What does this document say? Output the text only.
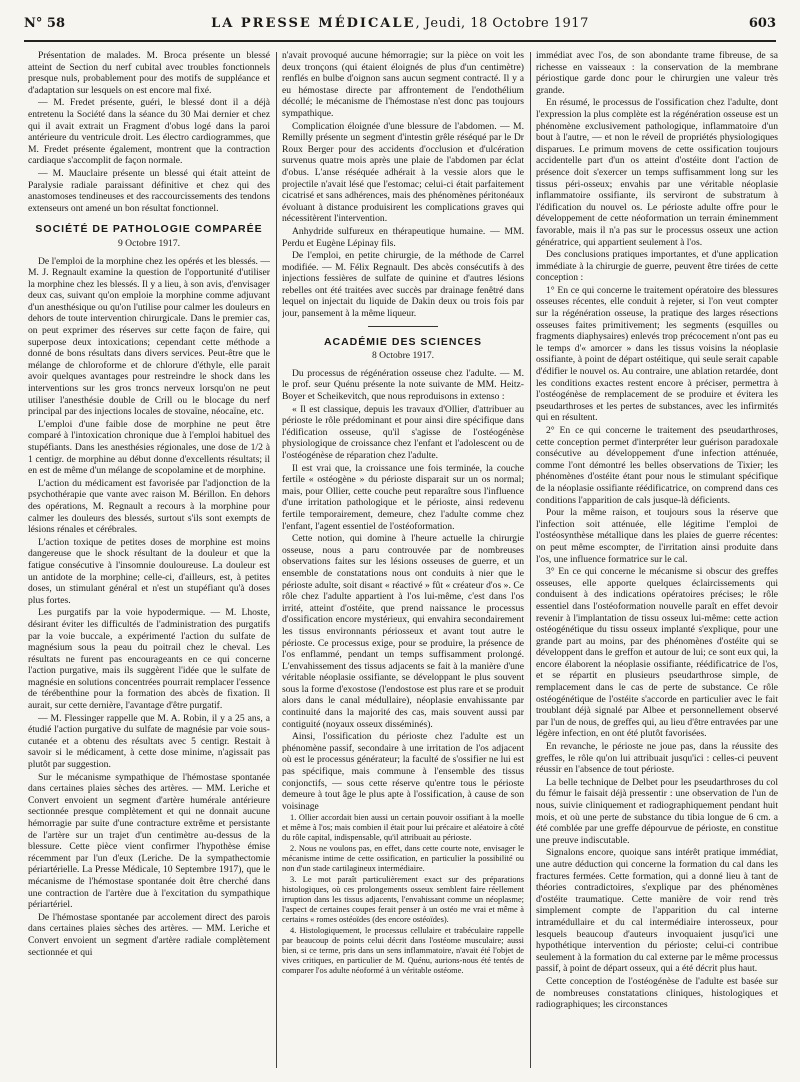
N° 58	LA PRESSE MÉDICALE, Jeudi, 18 Octobre 1917	603

Présentation de malades. M. Broca présente un blessé atteint de Section du nerf cubital avec troubles fonctionnels presque nuls, probablement pour des motifs de suppléance et d'adaptation sur lesquels on est encore mal fixé.

— M. Fredet présente, guéri, le blessé dont il a déjà entretenu la Société dans la séance du 30 Mai dernier et chez qui il avait extrait un Fragment d'obus logé dans la paroi antérieure du ventricule droit. Les électro cardiogrammes, que M. Fredet présente également, montrent que la contraction cardiaque s'accomplit de façon normale.

— M. Mauclaire présente un blessé qui était atteint de Paralysie radiale paraissant définitive et chez qui des anastomoses tendineuses et des raccourcissements des tendons extenseurs ont amené un bon résultat fonctionnel.

SOCIÉTÉ DE PATHOLOGIE COMPARÉE
9 Octobre 1917.

De l'emploi de la morphine chez les opérés et les blessés. — M. J. Regnault examine la question de l'opportunité d'utiliser la morphine chez les blessés. Il y a lieu, à son avis, d'envisager deux cas, suivant qu'on emploie la morphine comme adjuvant d'un anesthésique ou qu'on l'utilise pour calmer les douleurs en dehors de toute intervention chirurgicale. Dans le premier cas, on peut exprimer des réserves sur cette façon de faire, qui superpose deux intoxications; cependant cette méthode a donné de bons résultats dans divers services. Peut-être que le mélange de chloroforme et de chlorure d'éthyle, elle parait avoir quelques avantages pour restreindre le shock dans les interventions sur les gros troncs nerveux lorsqu'on ne peut utiliser l'anesthésie double de Crill ou le blocage du nerf principal par des injections locales de stovaïne, néocaïne, etc.

L'emploi d'une faible dose de morphine ne peut être comparé à l'intoxication chronique due à l'emploi habituel des stupéfiants. Dans les anesthésies régionales, une dose de 1/2 à 1 centigr. de morphine au début donne d'excellents résultats; il en est de même d'un mélange de scopolamine et de morphine.

L'action du médicament est favorisée par l'adjonction de la psychothérapie que vante avec raison M. Bérillon. En dehors des opérations, M. Regnault a recours à la morphine pour calmer les douleurs des blessés, surtout s'ils sont exempts de lésions rénales et cérébrales.

L'action toxique de petites doses de morphine est moins dangereuse que le shock résultant de la douleur et que la fatigue consécutive à l'insomnie douloureuse. La douleur est un antidote de la morphine; celle-ci, d'ailleurs, est, à petites doses, un stimulant général et n'est un stupéfiant qu'à doses plus fortes.

Les purgatifs par la voie hypodermique. — M. Lhoste, désirant éviter les difficultés de l'administration des purgatifs par la voie buccale, a expérimenté l'action du sulfate de magnésium sous la peau du poitrail chez le cheval. Les résultats ne furent pas encourageants en ce qui concerne l'action purgative, mais ils suggèrent l'idée que le sulfate de magnésie en solutions concentrées pourrait remplacer l'essence de térébenthine pour la formation des abcès de fixation. Il aurait, sur cette dernière, l'avantage d'être purgatif.

— M. Flessinger rappelle que M. A. Robin, il y a 25 ans, a étudié l'action purgative du sulfate de magnésie par voie sous-cutanée et a obtenu des résultats avec 5 centigr. Restait à savoir si le médicament, à cette dose minime, n'agissait pas plutôt par suggestion.

Sur le mécanisme sympathique de l'hémostase spontanée dans certaines plaies sèches des artères. — MM. Leriche et Convert envoient un segment d'artère humérale antérieure sectionnée presque complètement et qui ne donnait aucune hémorragie par suite d'une contracture extrême et persistante de l'artère sur un trajet d'un centimètre au-dessus de la blessure. Cette pièce vient confirmer l'hypothèse émise récemment par l'un d'eux (Leriche. De la sympathectomie périartérielle. La Presse Médicale, 10 Septembre 1917), que le mécanisme de l'hémostase spontanée doit être cherché dans une contraction de l'artère due à l'excitation du sympathique périartériel.

De l'hémostase spontanée par accolement direct des parois dans certaines plaies sèches des artères. — MM. Leriche et Convert envoient un segment d'artère radiale complètement sectionnée et qui

n'avait provoqué aucune hémorragie; sur la pièce on voit les deux tronçons (qui étaient éloignés de plus d'un centimètre) renflés en bulbe d'oignon sans aucun segment contracté. Il y a eu hémostase directe par affrontement de l'endothélium décollé; le mécanisme de l'hémostase n'est donc pas toujours sympathique.

Complication éloignée d'une blessure de l'abdomen. — M. Remilly présente un segment d'intestin grêle réséqué par le Dr Roux Berger pour des accidents d'occlusion et d'ulcération survenus quatre mois après une plaie de l'abdomen par éclat d'obus. L'anse réséquée adhérait à la vessie alors que le projectile n'avait lésé que l'estomac; celui-ci était parfaitement cicatrisé et sans adhérences, mais des phénomènes péritonéaux évoluant à distance produisirent les complications graves qui nécessitèrent l'intervention.

Anhydride sulfureux en thérapeutique humaine. — MM. Perdu et Eugène Lépinay fils.

De l'emploi, en petite chirurgie, de la méthode de Carrel modifiée. — M. Félix Regnault. Des abcès consécutifs à des injections fessières de sulfate de quinine et d'autres lésions rebelles ont été traitées avec succès par drainage fenêtré dans lequel on injectait du liquide de Dakin deux ou trois fois par jour, pansement à la même liqueur.

ACADÉMIE DES SCIENCES
8 Octobre 1917.

Du processus de régénération osseuse chez l'adulte. — M. le prof. seur Quénu présente la note suivante de MM. Heitz-Boyer et Scheikevitch, que nous reproduisons in extenso :

« Il est classique, depuis les travaux d'Ollier, d'attribuer au périoste le rôle prédominant et pour ainsi dire spécifique dans l'édification osseuse, qu'il s'agisse de l'ostéogénèse physiologique de croissance chez l'enfant et l'adolescent ou de l'ostéogénèse de réparation chez l'adulte.

Il est vrai que, la croissance une fois terminée, la couche fertile « ostéogène » du périoste disparait sur un os normal; mais, pour Ollier, cette couche peut reparaître sous l'influence d'une irritation pathologique et le périoste, ainsi redevenu fertile temporairement, demeure, chez l'adulte comme chez l'enfant, l'agent essentiel de l'ostéoformation.

Cette notion, qui domine à l'heure actuelle la chirurgie osseuse, nous a paru controuvée par de nombreuses observations faites sur les lésions osseuses de guerre, et un ensemble de constatations nous ont conduits à nier que le périoste adulte, soit disant « réactivé » fût « créateur d'os ». Ce rôle chez l'adulte appartient à l'os lui-même, c'est dans l'os irrité, atteint d'ostéite, que prend naissance le processus d'ossification encore mystérieux, qui envahira secondairement les tissus environnants périosseux et avant tout autre le périoste. Ce processus exige, pour se produire, la présence de l'os enflammé, pendant un temps suffisamment prolongé. L'envahissement des tissus adjacents se fait à la manière d'une véritable néoplasie ossifiante, se développant le plus souvent sous la forme d'exostose (l'endostose est plus rare et se produit alors dans le canal médullaire), néoplasie envahissante par continuité dans la majorité des cas, mais souvent aussi par contiguité (noyaux osseux disséminés).

Ainsi, l'ossification du périoste chez l'adulte est un phénomène passif, secondaire à une irritation de l'os adjacent où est le processus générateur; la faculté de s'ossifier ne lui est pas spécifique, mais commune à l'ensemble des tissus conjonctifs, — sous cette réserve qu'entre tous le périoste demeure à tout âge le plus apte à l'ossification, à cause de son voisinage

1. Ollier accordait bien aussi un certain pouvoir ossifiant à la moelle et même à l'os; mais combien il était pour lui précaire et aléatoire à côté du rôle capital, indispensable, qu'il attribuait au périoste.

2. Nous ne voulons pas, en effet, dans cette courte note, envisager le mécanisme intime de cette ossification, en particulier la possibilité ou non d'un stade cartilagineux intermédiaire.

3. Le mot paraît particulièrement exact sur des préparations histologiques, où ces prolongements osseux semblent faire réellement irruption dans les tissus adjacents, l'envahissant comme un néoplasme; l'aspect de certaines coupes ferait penser à un ostéo me vrai et même à certains « romes ostéoïdes (des encore ostéoïdes).

4. Histologiquement, le processus cellulaire et trabéculaire rappelle par beaucoup de points celui décrit dans l'ostéome musculaire; aussi bien, si ce terme, pris dans un sens inflammatoire, n'avait été l'objet de vives critiques, en particulier de M. Quénu, aurions-nous été tentés de comparer l'os adulte néoformé à un véritable ostéome.

immédiat avec l'os, de son abondante trame fibreuse, de sa richesse en vaisseaux : la conservation de la membrane périostique garde donc pour le chirurgien une valeur très grande.

En résumé, le processus de l'ossification chez l'adulte, dont l'expression la plus complète est la régénération osseuse est un phénomène exclusivement pathologique, inflammatoire d'un bout à l'autre, — et non le réveil de propriétés physiologiques disparues. Le primum movens de cette ossification toujours accidentelle part d'un os atteint d'ostéite dont l'action de présence doit s'exercer un temps suffisamment long sur les tissus péri-osseux; envahis par une véritable néoplasie inflammatoire ossifiante, ils serviront de substratum à l'édification du nouvel os. Le périoste adulte offre pour le développement de cette néoformation un terrain éminemment favorable, mais il n'a pas sur le processus osseux une action génératrice, qui appartient seulement à l'os.

Des conclusions pratiques importantes, et d'une application immédiate à la chirurgie de guerre, peuvent être tirées de cette conception :

1° En ce qui concerne le traitement opératoire des blessures osseuses récentes, elle conduit à rejeter, si l'on veut compter sur la régénération osseuse, la pratique des larges résections osseuses faites primitivement; les segments (esquilles ou fragments diaphysaires) enlevés trop précocement n'ont pas eu le temps d'« amorcer » dans les tissus voisins la néoplasie ossifiante, à point de départ ostéitique, qui seule serait capable d'édifier le nouvel os. Au contraire, une ablation retardée, dont les conditions exactes restent encore à préciser, permettra à l'ostéogénèse de remplacement de se produire et évitera les pseudarthroses et les pertes de substances, avec les infirmités qui en résultent.

2° En ce qui concerne le traitement des pseudarthroses, cette conception permet d'interpréter leur guérison paradoxale consécutive au développement d'une infection atténuée, comme l'ont démontré les belles observations de Tixier; les phénomènes d'ostéite étant pour nous le stimulant spécifique de la néoplasie ossifiante réédificatrice, on comprend dans ces conditions l'apparition de cals jusque-là déficients.

Pour la même raison, et toujours sous la réserve que l'infection soit atténuée, elle légitime l'emploi de l'ostéosynthèse métallique dans les plaies de guerre récentes: on peut même escompter, de l'irritation ainsi produite dans l'os, une influence formatrice sur le cal.

3° En ce qui concerne le mécanisme si obscur des greffes osseuses, elle apporte quelques éclaircissements qui conduisent à des indications opératoires précises; le rôle essentiel dans l'ostéoformation nouvelle paraît en effet devoir revenir à l'implantation de tissu osseux lui-même: cette action ostéogénétique du tissu osseux implanté s'explique, pour une grande part au moins, par des phénomènes d'ostéite qui se développent dans le greffon et autour de lui; ce sont eux qui, la encore élaborent la néoplasie ossifiante, réédificatrice de l'os, et se répartit en plusieurs pseudarthrose simple, de remplacement dans le cas de perte de substance. Ce rôle ostéogénétique de l'ostéite s'accorde en particulier avec le fait troublant déjà signalé par Albee et personnellement observé par l'un de nous, de greffes qui, au lieu d'être entravées par une légère infection, en ont été plutôt favorisées.

En revanche, le périoste ne joue pas, dans la réussite des greffes, le rôle qu'on lui attribuait jusqu'ici : celles-ci peuvent réussir en l'absence de tout périoste.

La belle technique de Delbet pour les pseudarthroses du col du fémur le faisait déjà pressentir : une observation de l'un de nous, suivie cliniquement et radiographiquement pendant huit mois, et où une perte de substance du tibia longue de 6 cm. a été comblée par une greffe dépourvue de périoste, en constitue une preuve indiscutable.

Signalons encore, quoique sans intérêt pratique immédiat, une autre déduction qui concerne la formation du cal dans les fractures fermées. Cette formation, qui a donné lieu à tant de théories contradictoires, s'explique par des phénomènes d'ostéite traumatique. Cette manière de voir rend très simplement compte de l'apparition du cal interne intramédullaire et du cal intermédiaire interosseux, pour lesquels beaucoup d'auteurs invoquaient jusqu'ici une hypothétique intervention du périoste; celui-ci contribue seulement à la formation du cal externe par le même processus passif, à point de départ osseux, qui a été décrit plus haut.

Cette conception de l'ostéogénèse de l'adulte est basée sur de nombreuses constatations cliniques, histologiques et radiographiques; les circonstances
